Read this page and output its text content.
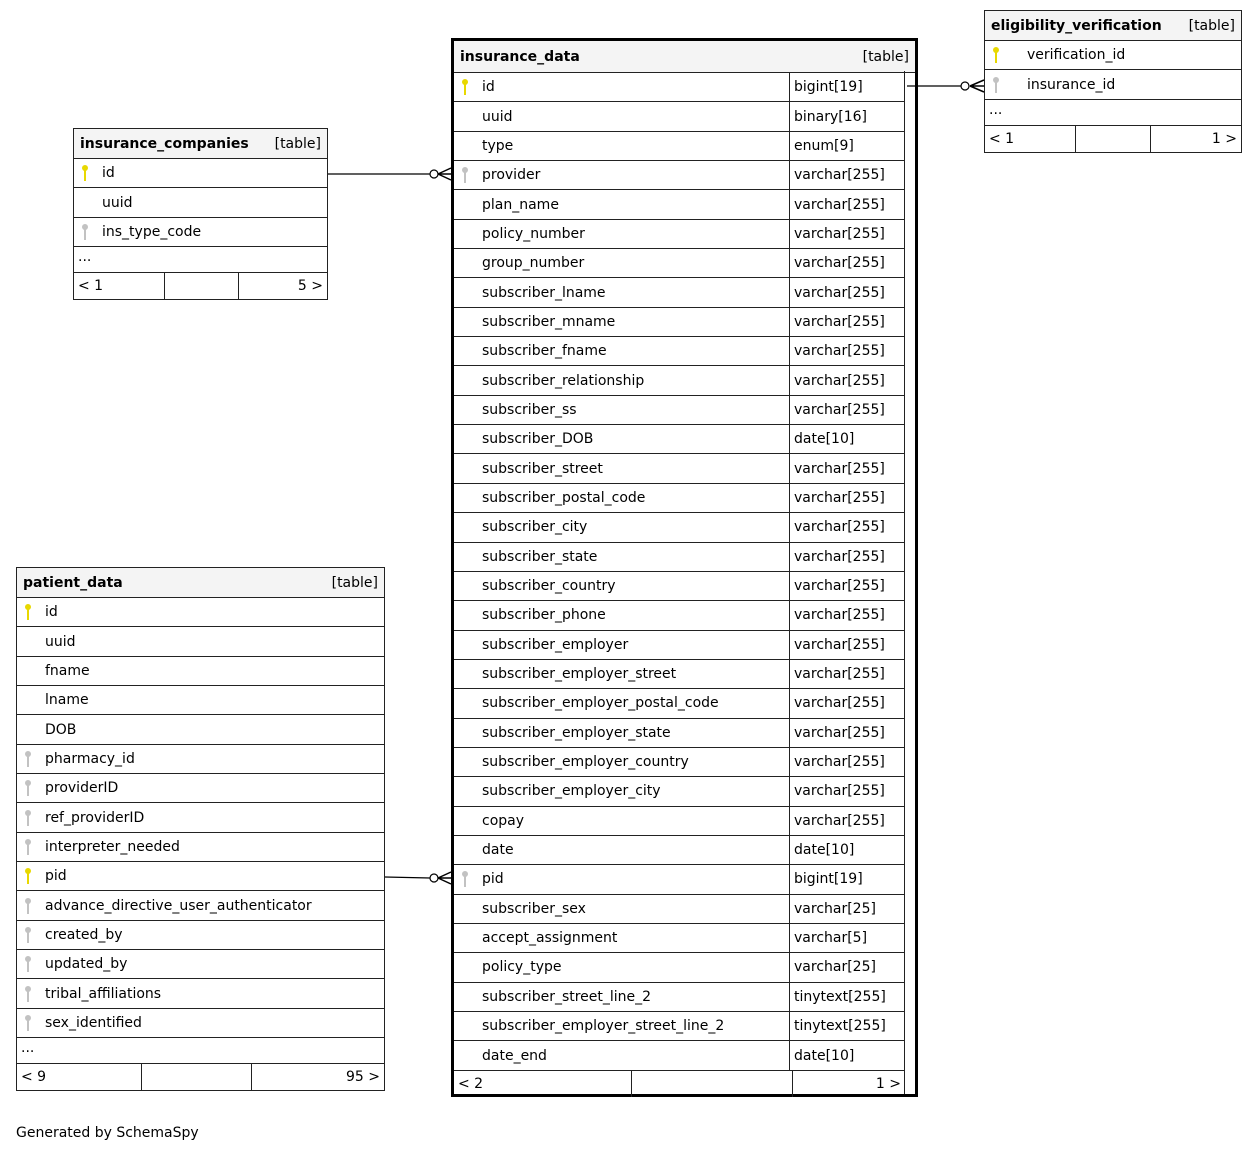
insurance_companies [table]
id
uuid
ins_type_code
...
< 1	5 >
insurance_data	[table]
id	bigint[19]
uuid	binary[16]
type	enum[9]
provider	varchar[255]
plan_name	varchar[255]
policy_number	varchar[255]
group_number	varchar[255]
subscriber_lname	varchar[255]
subscriber_mname	varchar[255]
subscriber_fname	varchar[255]
subscriber_relationship	varchar[255]
subscriber_ss	varchar[255]
subscriber_DOB	date[10]
subscriber_street	varchar[255]
subscriber_postal_code	varchar[255]
subscriber_city	varchar[255]
subscriber_state	varchar[255]
subscriber_country	varchar[255]
subscriber_phone	varchar[255]
subscriber_employer	varchar[255]
subscriber_employer_street	varchar[255]
subscriber_employer_postal_code	varchar[255]
subscriber_employer_state	varchar[255]
subscriber_employer_country	varchar[255]
subscriber_employer_city	varchar[255]
copay	varchar[255]
date	date[10]
pid	bigint[19]
subscriber_sex	varchar[25]
accept_assignment	varchar[5]
policy_type	varchar[25]
subscriber_street_line_2	tinytext[255]
subscriber_employer_street_line_2	tinytext[255]
date_end	date[10]
< 2	1 >
eligibility_verification [table]
verification_id
insurance_id
...
< 1	1 >
patient_data	[table]
id
uuid
fname
lname
DOB
pharmacy_id
providerID
ref_providerID
interpreter_needed
pid
advance_directive_user_authenticator
created_by
updated_by
tribal_affiliations
sex_identified
...
< 9	95 >
Generated by SchemaSpy
